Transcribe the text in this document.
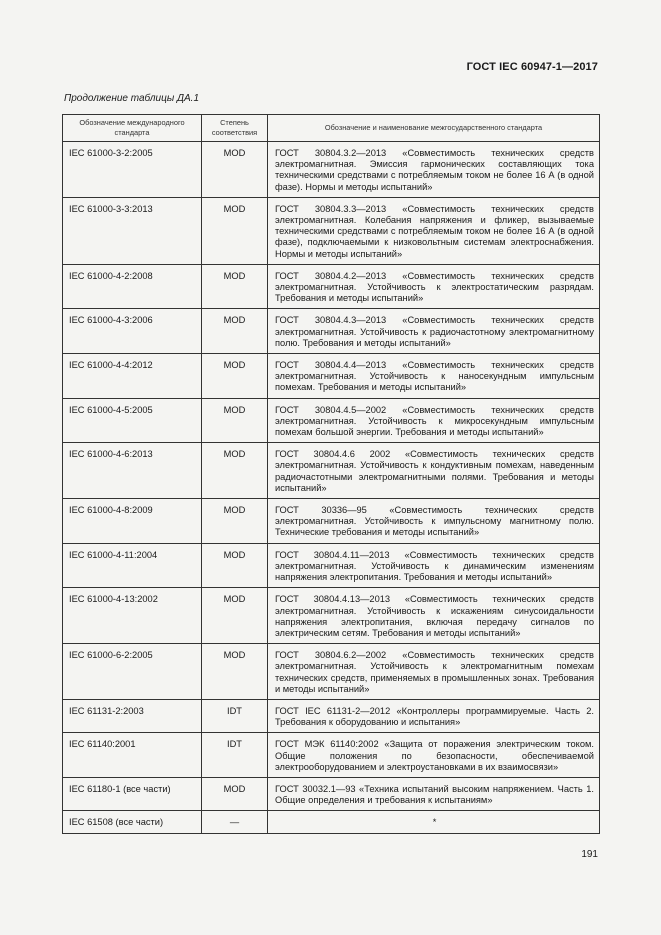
ГОСТ IEC 60947-1—2017
Продолжение таблицы ДА.1
Обозначение международного стандарта	Степень соответствия	Обозначение и наименование межгосударственного стандарта
IEC 61000-3-2:2005	MOD	ГОСТ 30804.3.2—2013 «Совместимость технических средств электромагнитная. Эмиссия гармонических составляющих тока техническими средствами с потребляемым током не более 16 А (в одной фазе). Нормы и методы испытаний»
IEC 61000-3-3:2013	MOD	ГОСТ 30804.3.3—2013 «Совместимость технических средств электромагнитная. Колебания напряжения и фликер, вызываемые техническими средствами с потребляемым током не более 16 А (в одной фазе), подключаемыми к низковольтным системам электроснабжения. Нормы и методы испытаний»
IEC 61000-4-2:2008	MOD	ГОСТ 30804.4.2—2013 «Совместимость технических средств электромагнитная. Устойчивость к электростатическим разрядам. Требования и методы испытаний»
IEC 61000-4-3:2006	MOD	ГОСТ 30804.4.3—2013 «Совместимость технических средств электромагнитная. Устойчивость к радиочастотному электромагнитному полю. Требования и методы испытаний»
IEC 61000-4-4:2012	MOD	ГОСТ 30804.4.4—2013 «Совместимость технических средств электромагнитная. Устойчивость к наносекундным импульсным помехам. Требования и методы испытаний»
IEC 61000-4-5:2005	MOD	ГОСТ 30804.4.5—2002 «Совместимость технических средств электромагнитная. Устойчивость к микросекундным импульсным помехам большой энергии. Требования и методы испытаний»
IEC 61000-4-6:2013	MOD	ГОСТ 30804.4.6 2002 «Совместимость технических средств электромагнитная. Устойчивость к кондуктивным помехам, наведенным радиочастотными электромагнитными полями. Требования и методы испытаний»
IEC 61000-4-8:2009	MOD	ГОСТ 30336—95 «Совместимость технических средств электромагнитная. Устойчивость к импульсному магнитному полю. Технические требования и методы испытаний»
IEC 61000-4-11:2004	MOD	ГОСТ 30804.4.11—2013 «Совместимость технических средств электромагнитная. Устойчивость к динамическим изменениям напряжения электропитания. Требования и методы испытаний»
IEC 61000-4-13:2002	MOD	ГОСТ 30804.4.13—2013 «Совместимость технических средств электромагнитная. Устойчивость к искажениям синусоидальности напряжения электропитания, включая передачу сигналов по электрическим сетям. Требования и методы испытаний»
IEC 61000-6-2:2005	MOD	ГОСТ 30804.6.2—2002 «Совместимость технических средств электромагнитная. Устойчивость к электромагнитным помехам технических средств, применяемых в промышленных зонах. Требования и методы испытаний»
IEC 61131-2:2003	IDT	ГОСТ IEC 61131-2—2012 «Контроллеры программируемые. Часть 2. Требования к оборудованию и испытания»
IEC 61140:2001	IDT	ГОСТ МЭК 61140:2002 «Защита от поражения электрическим током. Общие положения по безопасности, обеспечиваемой электрооборудованием и электроустановками в их взаимосвязи»
IEC 61180-1 (все части)	MOD	ГОСТ 30032.1—93 «Техника испытаний высоким напряжением. Часть 1. Общие определения и требования к испытаниям»
IEC 61508 (все части)	—	*
191
